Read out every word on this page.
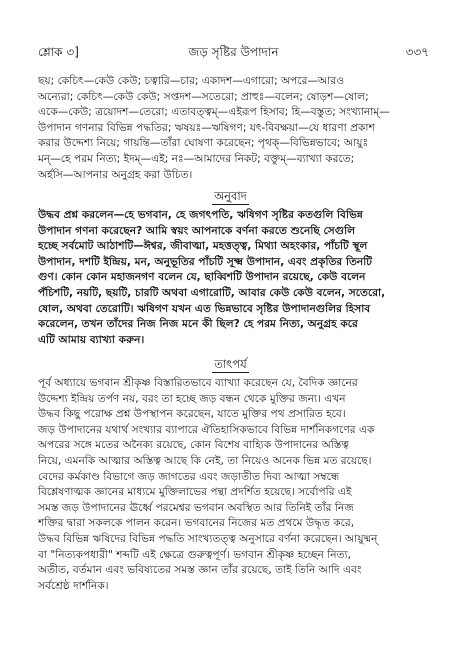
শ্লোক ৩]	জড় সৃষ্টির উপাদান	৩৩৭
ছয়; কেচিৎ—কেউ কেউ; চত্বারি—চার; একাদশ—এগারো; অপরে—আরও
অন্যেরা; কেচিৎ—কেউ কেউ; সপ্তদশ—সতেরো; প্রাহুঃ—বলেন; ষোড়শ—ষোল;
একে—কেউ; ত্রয়োদশ—তেরো; এতাবত্ত্বম্—এইরূপ হিসাব; হি—বস্তুত; সংখ্যানাম্—
উপাদান গণনার বিভিন্ন পদ্ধতির; ঋষয়ঃ—ঋষিগণ; যৎ-বিবক্ষয়া—যে ধারণা প্রকাশ
করার উদ্দেশ্য নিয়ে; গায়ন্তি—তাঁরা ঘোষণা করেছেন; পৃথক্—বিভিন্নভাবে; আয়ুঃ
মন্—হে পরম নিত্য; ইদম্—এই; নঃ—আমাদের নিকট; বক্তুম্—ব্যাখ্যা করতে;
অর্হসি—আপনার অনুগ্রহ করা উচিত।
অনুবাদ
উদ্ধব প্রশ্ন করলেন—হে ভগবান, হে জগৎপতি, ঋষিগণ সৃষ্টির কতগুলি বিভিন্ন
উপাদান গণনা করেছেন? আমি স্বয়ং আপনাকে বর্ণনা করতে শুনেছি সেগুলি
হচ্ছে সর্বমোট আঠাশটি—ঈশ্বর, জীবাত্মা, মহত্তত্ত্ব, মিথ্যা অহংকার, পাঁচটি স্থূল
উপাদান, দশটি ইন্দ্রিয়, মন, অনুভূতির পাঁচটি সূক্ষ্ম উপাদান, এবং প্রকৃতির তিনটি
গুণ। কোন কোন মহাজনগণ বলেন যে, ছাব্বিশটি উপাদান রয়েছে, কেউ বলেন
পঁচিশটি, নয়টি, ছয়টি, চারটি অথবা এগারোটি, আবার কেউ কেউ বলেন, সতেরো,
ষোল, অথবা তেরোটি। ঋষিগণ যখন এত ভিন্নভাবে সৃষ্টির উপাদানগুলির হিসাব
করেলেন, তখন তাঁদের নিজ নিজ মনে কী ছিল? হে পরম নিত্য, অনুগ্রহ করে
এটি আমায় ব্যাখ্যা করুন।
তাৎপর্য
পূর্ব অধ্যায়ে ভগবান শ্রীকৃষ্ণ বিস্তারিতভাবে ব্যাখ্যা করেছেন যে, বৈদিক জ্ঞানের
উদ্দেশ্য ইন্দ্রিয় তর্পণ নয়, বরং তা হচ্ছে জড় বন্ধন থেকে মুক্তির জন্য। এখন
উদ্ধব কিছু পরোক্ষ প্রশ্ন উপস্থাপন করেছেন, যাতে মুক্তির পথ প্রসারিত হবে।
জড় উপাদানের যথার্থ সংখ্যার ব্যাপারে ঐতিহাসিকভাবে বিভিন্ন দার্শনিকগণের এক
অপরের সঙ্গে মতের অনৈক্য রয়েছে, কোন বিশেষ বাহ্যিক উপাদানের অস্তিত্ব
নিয়ে, এমনকি আত্মার অস্তিত্ব আছে কি নেই, তা নিয়েও অনেক ভিন্ন মত রয়েছে।
বেদের কর্মকাণ্ড বিভাগে জড় জাগতের এবং জড়াতীত দিব্য আত্মা সম্বন্ধে
বিশ্লেষণাত্মক জ্ঞানের মাধ্যমে মুক্তিলাভের পন্থা প্রদর্শিত হয়েছে। সর্বোপরি এই
সমস্ত জড় উপাদানের ঊর্ধ্বে পরমেশ্বর ভগবান অবস্থিত আর তিনিই তাঁর নিজ
শক্তির দ্বারা সকলকে পালন করেন। ভগবানের নিজের মত প্রথমে উদ্ধৃত করে,
উদ্ধব বিভিন্ন ঋষিদের বিভিন্ন পদ্ধতি সাংখ্যতত্ত্ব অনুসারে বর্ণনা করেছেন। আয়ুষ্মন্
বা "নিত্যকপধারী" শব্দটি এই ক্ষেত্রে গুরুত্বপূর্ণ। ভগবান শ্রীকৃষ্ণ হচ্ছেন নিত্য,
অতীত, বর্তমান এবং ভবিষ্যতের সমস্ত জ্ঞান তাঁর রয়েছে, তাই তিনি আদি এবং
সর্বশ্রেষ্ঠ দার্শনিক।
